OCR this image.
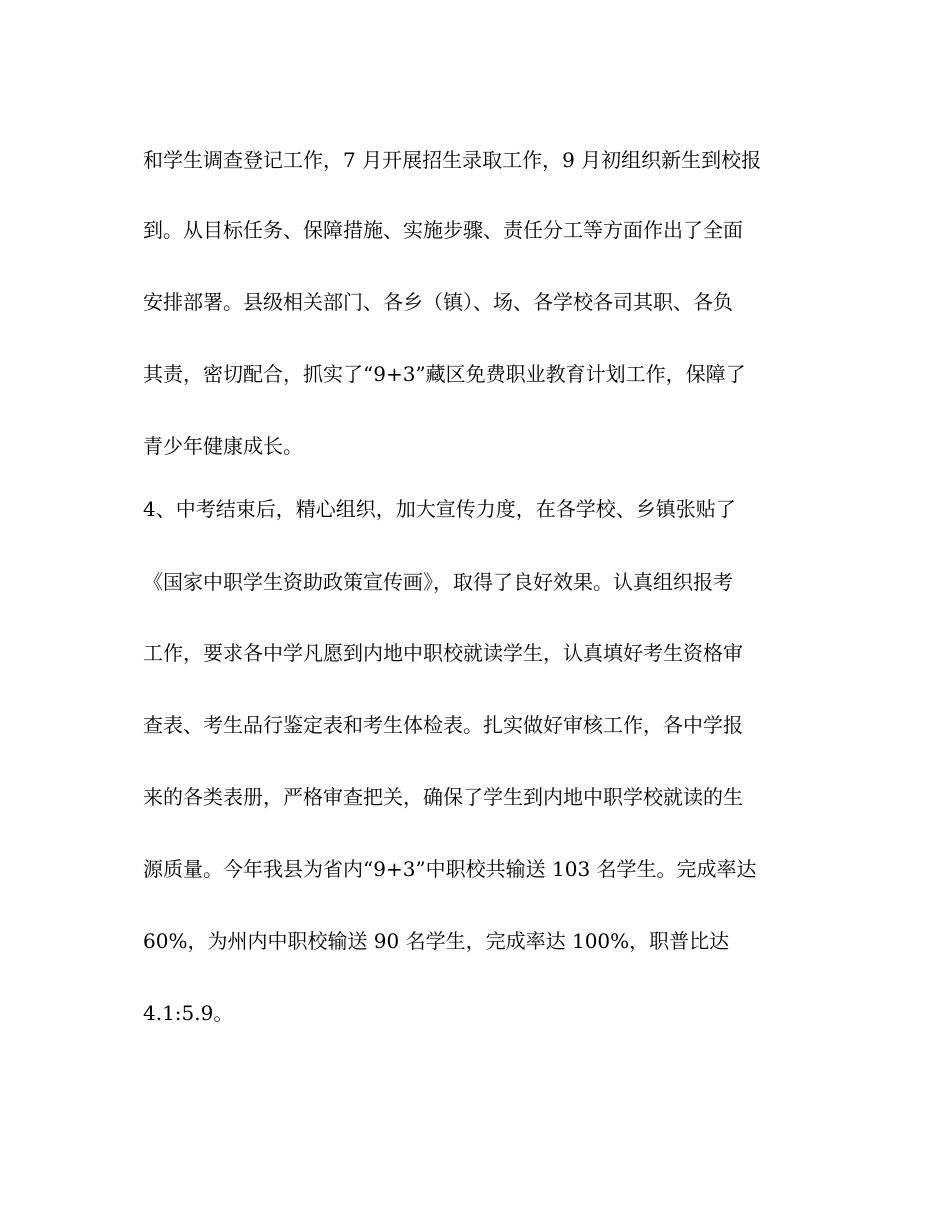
和学生调查登记工作，7 月开展招生录取工作，9 月初组织新生到校报
到。从目标任务、保障措施、实施步骤、责任分工等方面作出了全面
安排部署。县级相关部门、各乡（镇）、场、各学校各司其职、各负
其责，密切配合，抓实了“9+3”藏区免费职业教育计划工作，保障了
青少年健康成长。
4、中考结束后，精心组织，加大宣传力度，在各学校、乡镇张贴了
《国家中职学生资助政策宣传画》，取得了良好效果。认真组织报考
工作，要求各中学凡愿到内地中职校就读学生，认真填好考生资格审
查表、考生品行鉴定表和考生体检表。扎实做好审核工作，各中学报
来的各类表册，严格审查把关，确保了学生到内地中职学校就读的生
源质量。今年我县为省内“9+3”中职校共输送 103 名学生。完成率达
60%，为州内中职校输送 90 名学生，完成率达 100%，职普比达
4.1:5.9。
